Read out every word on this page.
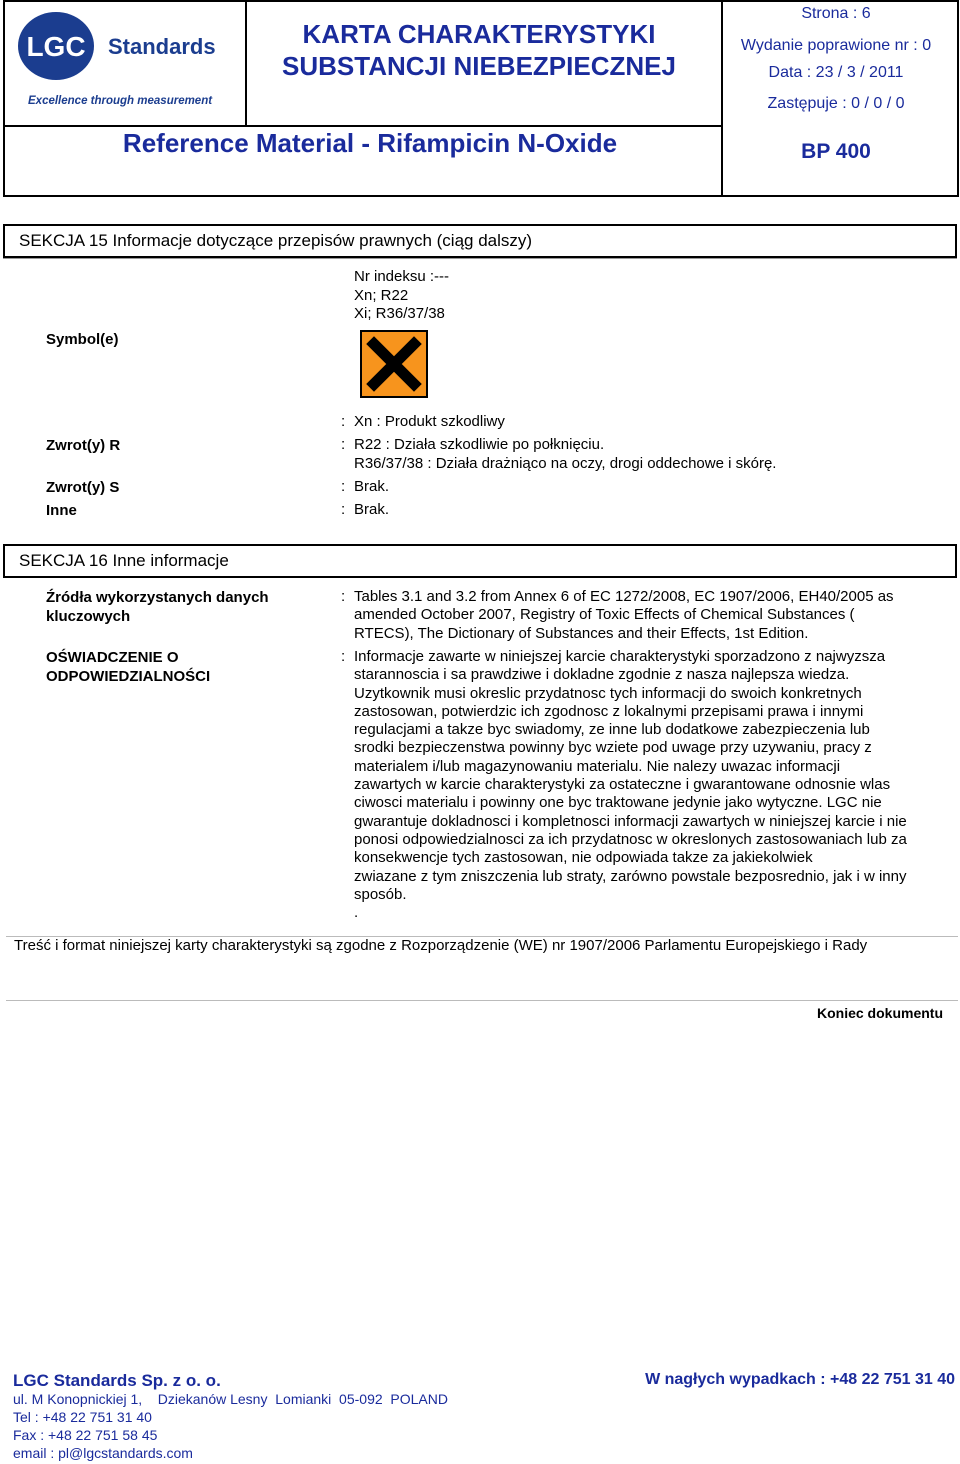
LGC Standards
Excellence through measurement
KARTA CHARAKTERYSTYKI
SUBSTANCJI NIEBEZPIECZNEJ
Reference Material - Rifampicin N-Oxide
Strona : 6
Wydanie poprawione nr : 0
Data : 23 / 3 / 2011
Zastępuje : 0 / 0 / 0
BP 400
SEKCJA 15 Informacje dotyczące przepisów prawnych (ciąg dalszy)
Nr indeksu :---
Xn; R22
Xi; R36/37/38
Symbol(e)
: Xn : Produkt szkodliwy
Zwrot(y) R	: R22 : Działa szkodliwie po połknięciu.
R36/37/38 : Działa drażniąco na oczy, drogi oddechowe i skórę.
Zwrot(y) S	: Brak.
Inne	: Brak.
SEKCJA 16 Inne informacje
Źródła wykorzystanych danych
kluczowych
: Tables 3.1 and 3.2 from Annex 6 of EC 1272/2008, EC 1907/2006, EH40/2005 as
amended October 2007, Registry of Toxic Effects of Chemical Substances (
RTECS), The Dictionary of Substances and their Effects, 1st Edition.
OŚWIADCZENIE O
ODPOWIEDZIALNOŚCI
: Informacje zawarte w niniejszej karcie charakterystyki sporzadzono z najwyzsza
starannoscia i sa prawdziwe i dokladne zgodnie z nasza najlepsza wiedza.
Uzytkownik musi okreslic przydatnosc tych informacji do swoich konkretnych
zastosowan, potwierdzic ich zgodnosc z lokalnymi przepisami prawa i innymi
regulacjami a takze byc swiadomy, ze inne lub dodatkowe zabezpieczenia lub
srodki bezpieczenstwa powinny byc wziete pod uwage przy uzywaniu, pracy z
materialem i/lub magazynowaniu materialu. Nie nalezy uwazac informacji
zawartych w karcie charakterystyki za ostateczne i gwarantowane odnosnie wlas
ciwosci materialu i powinny one byc traktowane jedynie jako wytyczne. LGC nie
gwarantuje dokladnosci i kompletnosci informacji zawartych w niniejszej karcie i nie
ponosi odpowiedzialnosci za ich przydatnosc w okreslonych zastosowaniach lub za
konsekwencje tych zastosowan, nie odpowiada takze za jakiekolwiek
zwiazane z tym zniszczenia lub straty, zarówno powstale bezposrednio, jak i w inny
sposób.
.
Treść i format niniejszej karty charakterystyki są zgodne z Rozporządzenie (WE) nr 1907/2006 Parlamentu Europejskiego i Rady
Koniec dokumentu
LGC Standards Sp. z o. o.	W nagłych wypadkach : +48 22 751 31 40
ul. M Konopnickiej 1,    Dziekanów Lesny  Lomianki  05-092  POLAND
Tel : +48 22 751 31 40
Fax : +48 22 751 58 45
email : pl@lgcstandards.com
